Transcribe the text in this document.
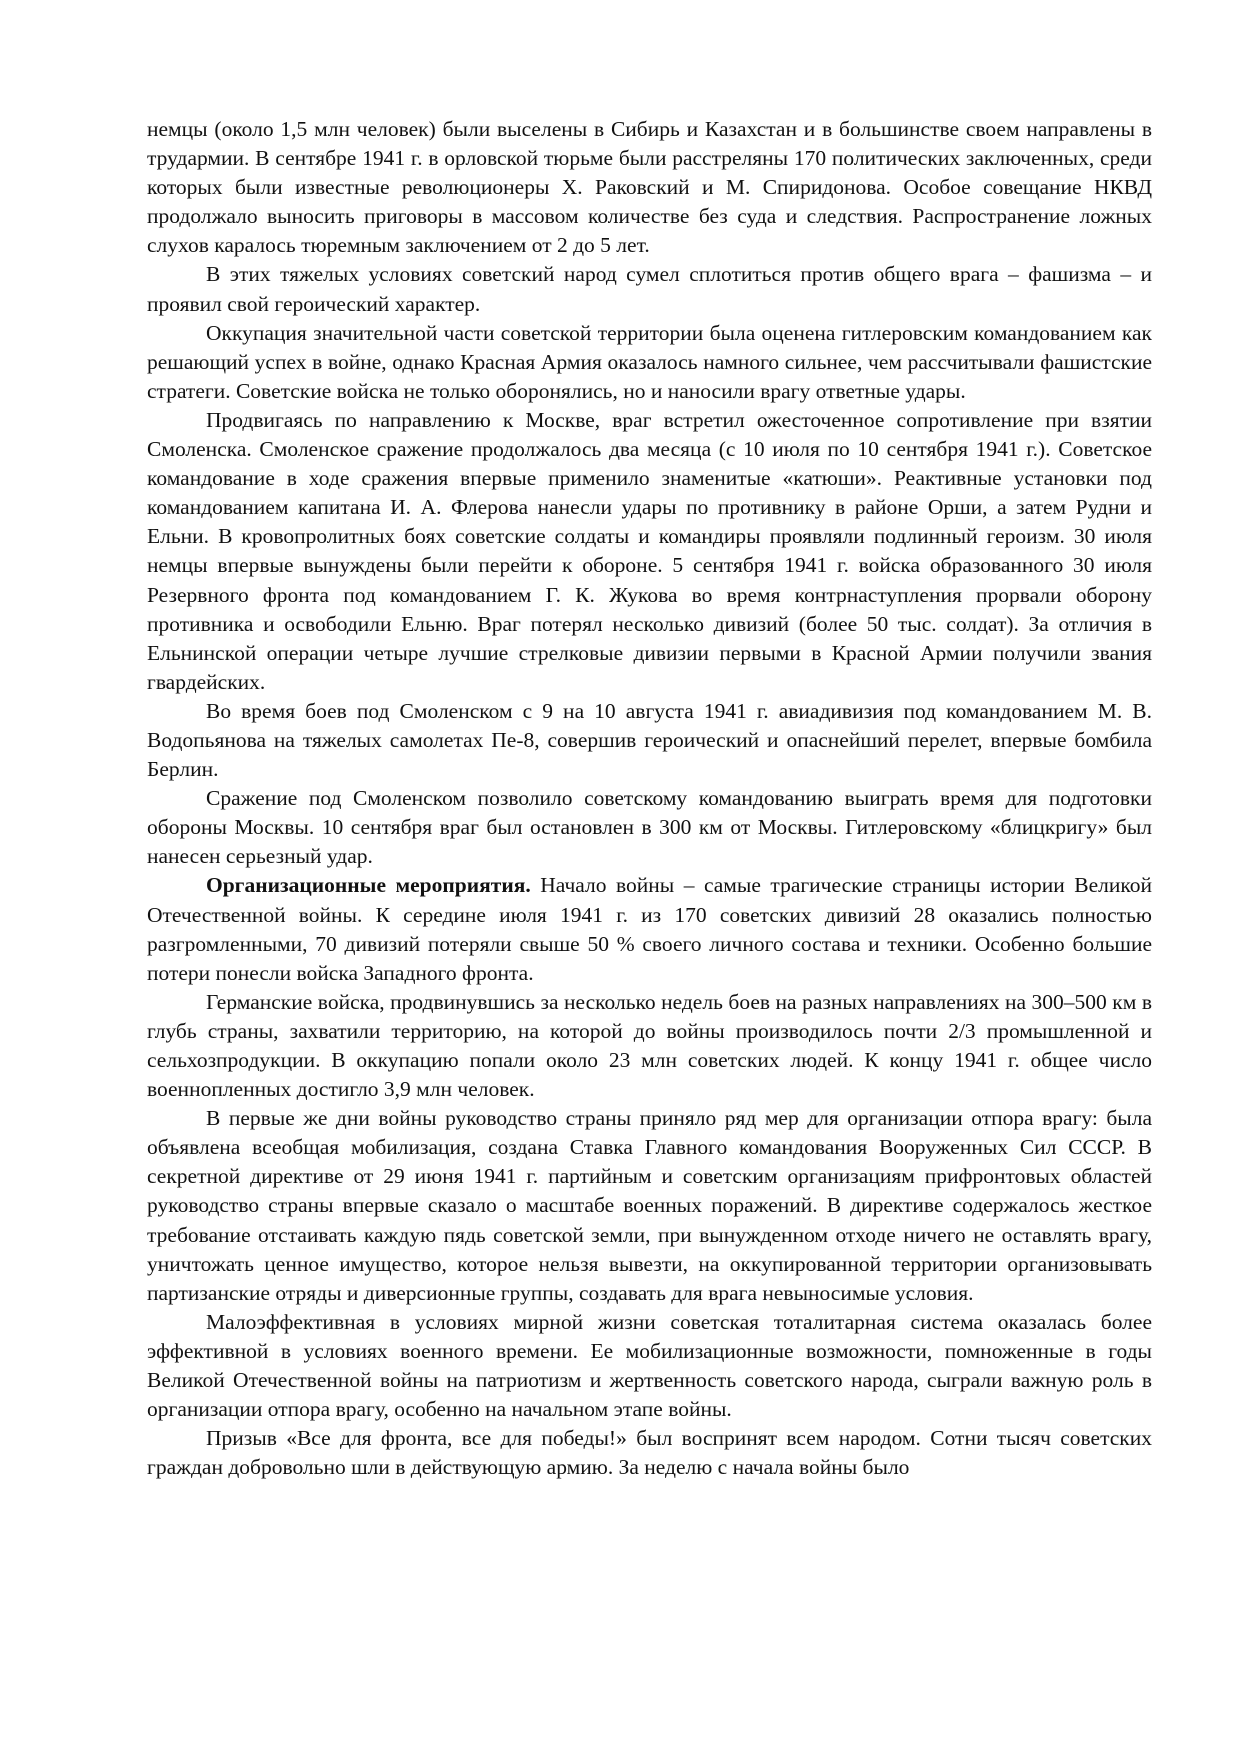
немцы (около 1,5 млн человек) были выселены в Сибирь и Казахстан и в большинстве своем направлены в трудармии. В сентябре 1941 г. в орловской тюрьме были расстреляны 170 политических заключенных, среди которых были известные революционеры Х. Раковский и М. Спиридонова. Особое совещание НКВД продолжало выносить приговоры в массовом количестве без суда и следствия. Распространение ложных слухов каралось тюремным заключением от 2 до 5 лет.

В этих тяжелых условиях советский народ сумел сплотиться против общего врага – фашизма – и проявил свой героический характер.

Оккупация значительной части советской территории была оценена гитлеровским командованием как решающий успех в войне, однако Красная Армия оказалось намного сильнее, чем рассчитывали фашистские стратеги. Советские войска не только оборонялись, но и наносили врагу ответные удары.

Продвигаясь по направлению к Москве, враг встретил ожесточенное сопротивление при взятии Смоленска. Смоленское сражение продолжалось два месяца (с 10 июля по 10 сентября 1941 г.). Советское командование в ходе сражения впервые применило знаменитые «катюши». Реактивные установки под командованием капитана И. А. Флерова нанесли удары по противнику в районе Орши, а затем Рудни и Ельни. В кровопролитных боях советские солдаты и командиры проявляли подлинный героизм. 30 июля немцы впервые вынуждены были перейти к обороне. 5 сентября 1941 г. войска образованного 30 июля Резервного фронта под командованием Г. К. Жукова во время контрнаступления прорвали оборону противника и освободили Ельню. Враг потерял несколько дивизий (более 50 тыс. солдат). За отличия в Ельнинской операции четыре лучшие стрелковые дивизии первыми в Красной Армии получили звания гвардейских.

Во время боев под Смоленском с 9 на 10 августа 1941 г. авиадивизия под командованием М. В. Водопьянова на тяжелых самолетах Пе-8, совершив героический и опаснейший перелет, впервые бомбила Берлин.

Сражение под Смоленском позволило советскому командованию выиграть время для подготовки обороны Москвы. 10 сентября враг был остановлен в 300 км от Москвы. Гитлеровскому «блицкригу» был нанесен серьезный удар.

Организационные мероприятия. Начало войны – самые трагические страницы истории Великой Отечественной войны. К середине июля 1941 г. из 170 советских дивизий 28 оказались полностью разгромленными, 70 дивизий потеряли свыше 50 % своего личного состава и техники. Особенно большие потери понесли войска Западного фронта.

Германские войска, продвинувшись за несколько недель боев на разных направлениях на 300–500 км в глубь страны, захватили территорию, на которой до войны производилось почти 2/3 промышленной и сельхозпродукции. В оккупацию попали около 23 млн советских людей. К концу 1941 г. общее число военнопленных достигло 3,9 млн человек.

В первые же дни войны руководство страны приняло ряд мер для организации отпора врагу: была объявлена всеобщая мобилизация, создана Ставка Главного командования Вооруженных Сил СССР. В секретной директиве от 29 июня 1941 г. партийным и советским организациям прифронтовых областей руководство страны впервые сказало о масштабе военных поражений. В директиве содержалось жесткое требование отстаивать каждую пядь советской земли, при вынужденном отходе ничего не оставлять врагу, уничтожать ценное имущество, которое нельзя вывезти, на оккупированной территории организовывать партизанские отряды и диверсионные группы, создавать для врага невыносимые условия.

Малоэффективная в условиях мирной жизни советская тоталитарная система оказалась более эффективной в условиях военного времени. Ее мобилизационные возможности, помноженные в годы Великой Отечественной войны на патриотизм и жертвенность советского народа, сыграли важную роль в организации отпора врагу, особенно на начальном этапе войны.

Призыв «Все для фронта, все для победы!» был воспринят всем народом. Сотни тысяч советских граждан добровольно шли в действующую армию. За неделю с начала войны было
